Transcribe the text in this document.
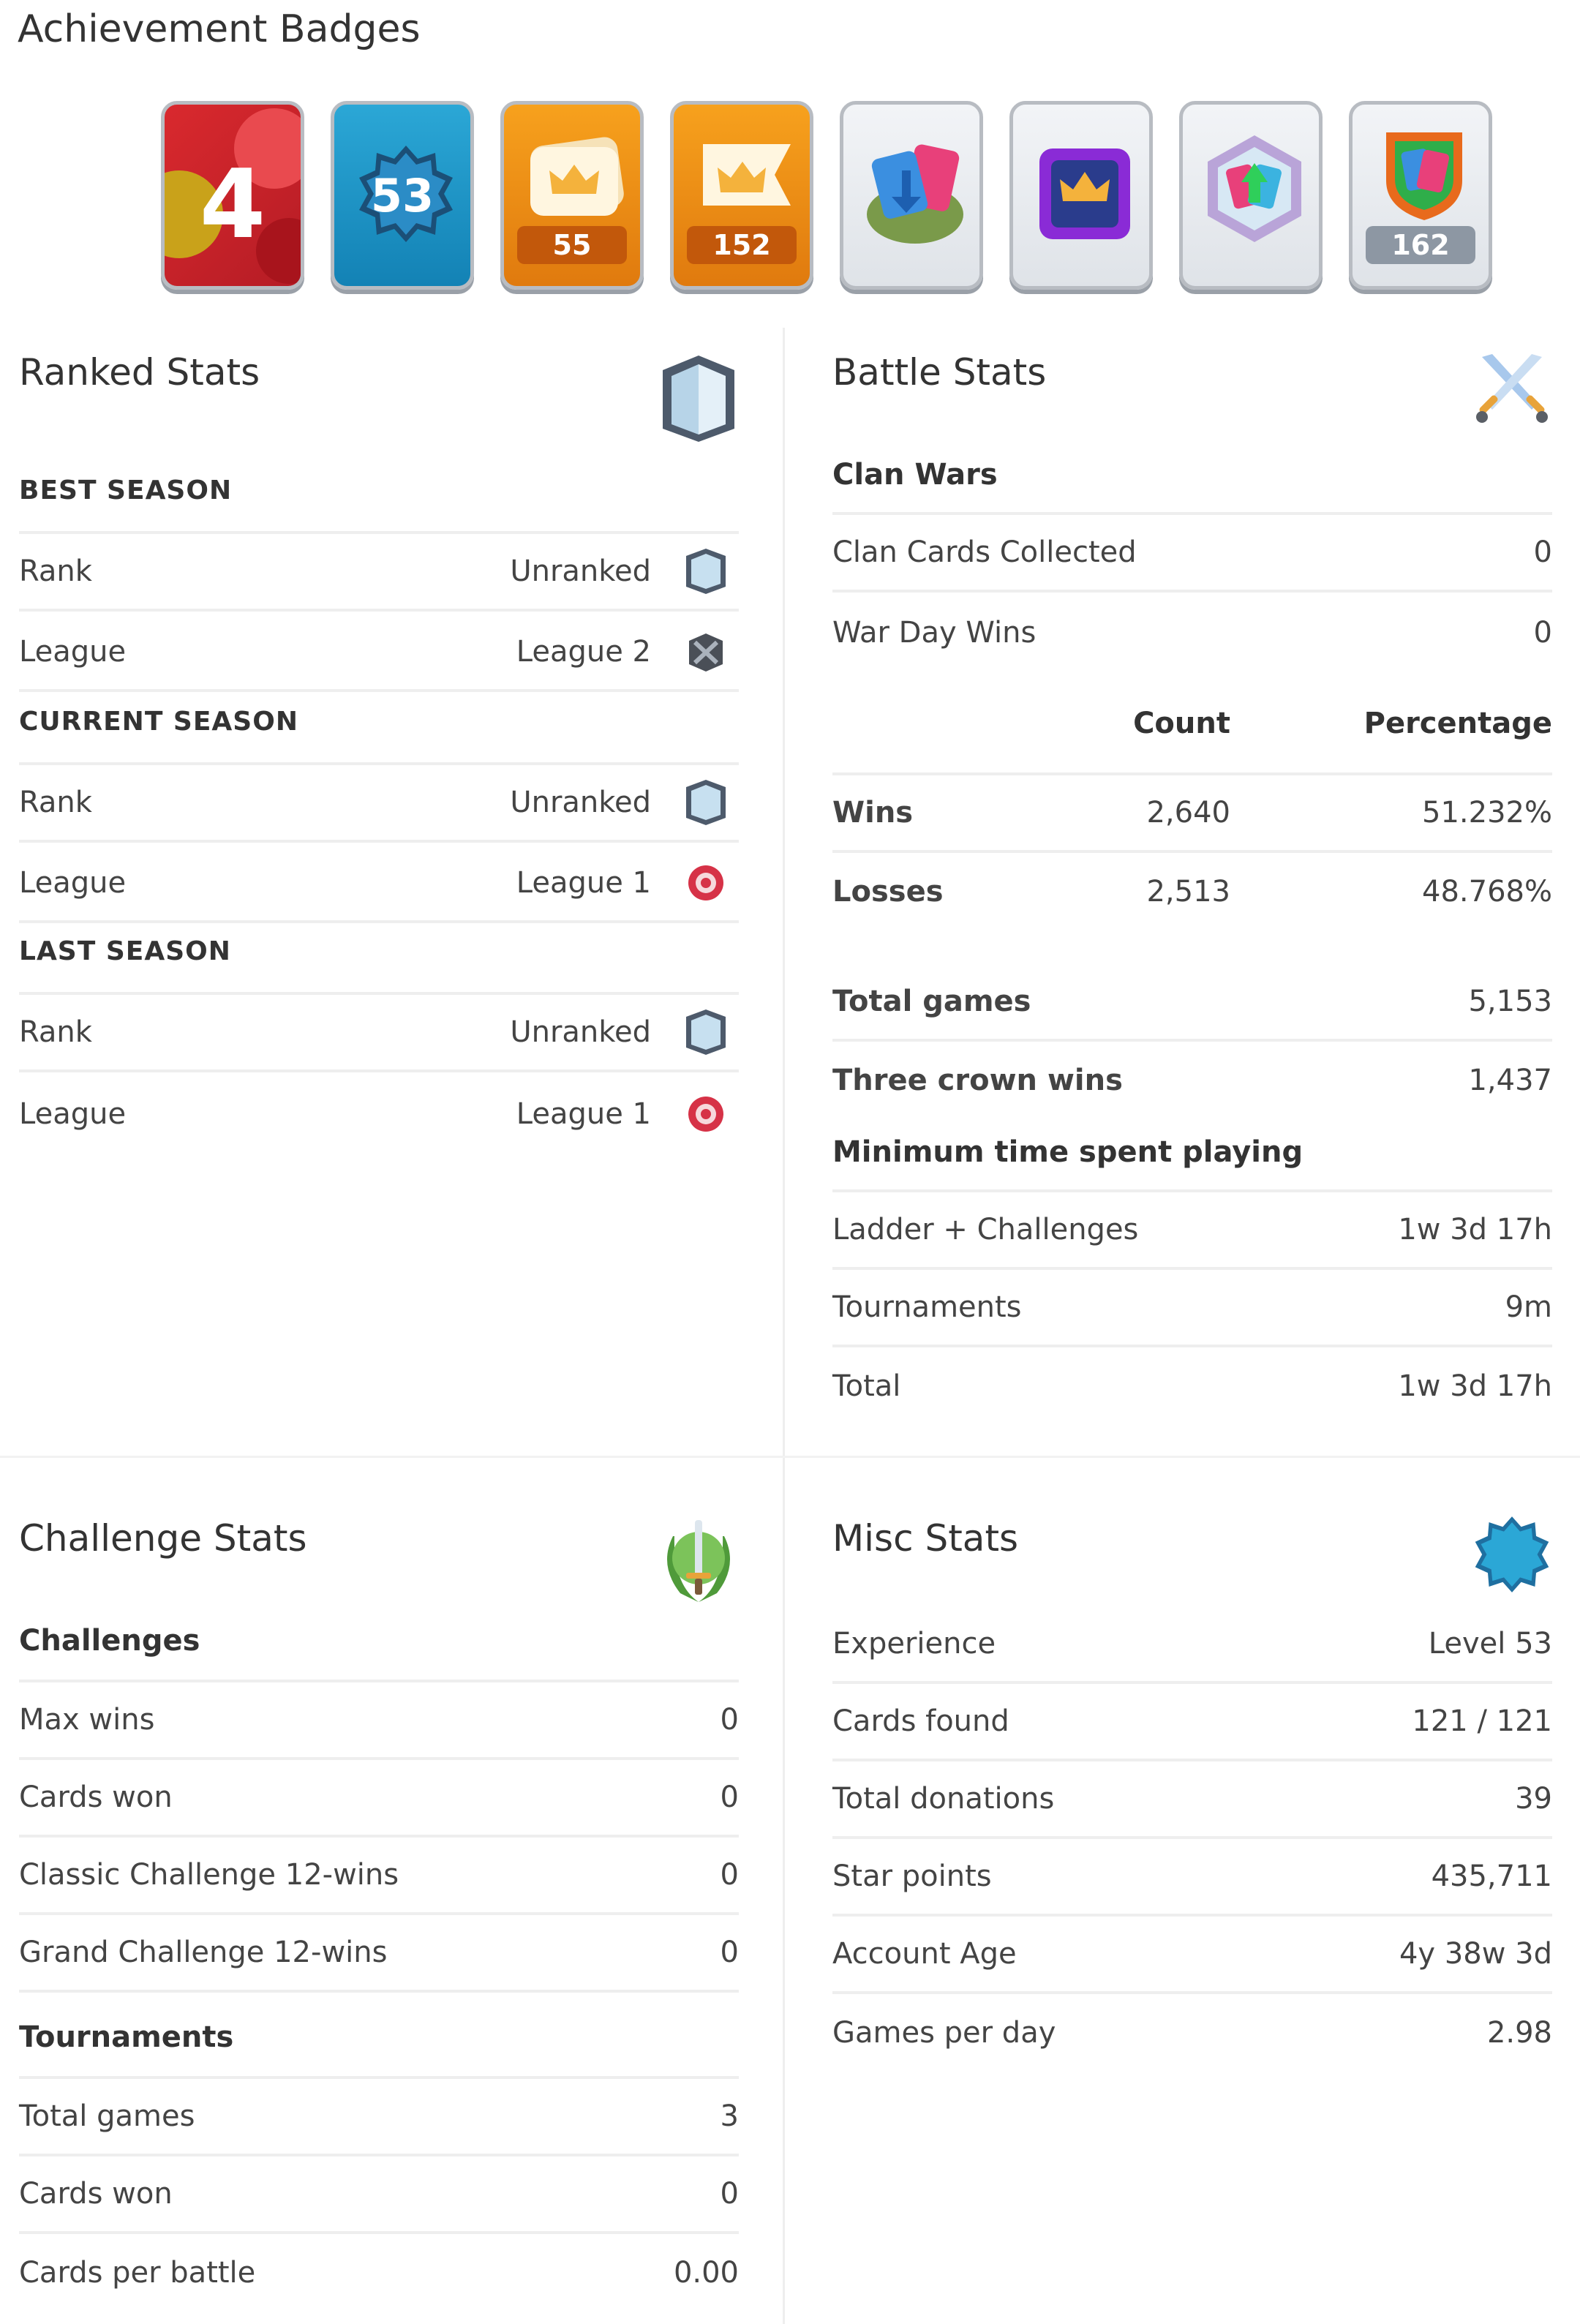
Achievement Badges
4	53
55	152	162
Ranked Stats
BEST SEASON
Rank	Unranked
League	League 2
CURRENT SEASON
Rank	Unranked
League	League 1
LAST SEASON
Rank	Unranked
League	League 1
Battle Stats
Clan Wars
Clan Cards Collected	0
War Day Wins	0
Count	Percentage
Wins	2,640	51.232%
Losses	2,513	48.768%
Total games	5,153
Three crown wins	1,437
Minimum time spent playing
Ladder + Challenges	1w 3d 17h
Tournaments	9m
Total	1w 3d 17h
Challenge Stats
Challenges
Max wins	0
Cards won	0
Classic Challenge 12-wins	0
Grand Challenge 12-wins	0
Tournaments
Total games	3
Cards won	0
Cards per battle	0.00
Misc Stats
Experience	Level 53
Cards found	121 / 121
Total donations	39
Star points	435,711
Account Age	4y 38w 3d
Games per day	2.98
